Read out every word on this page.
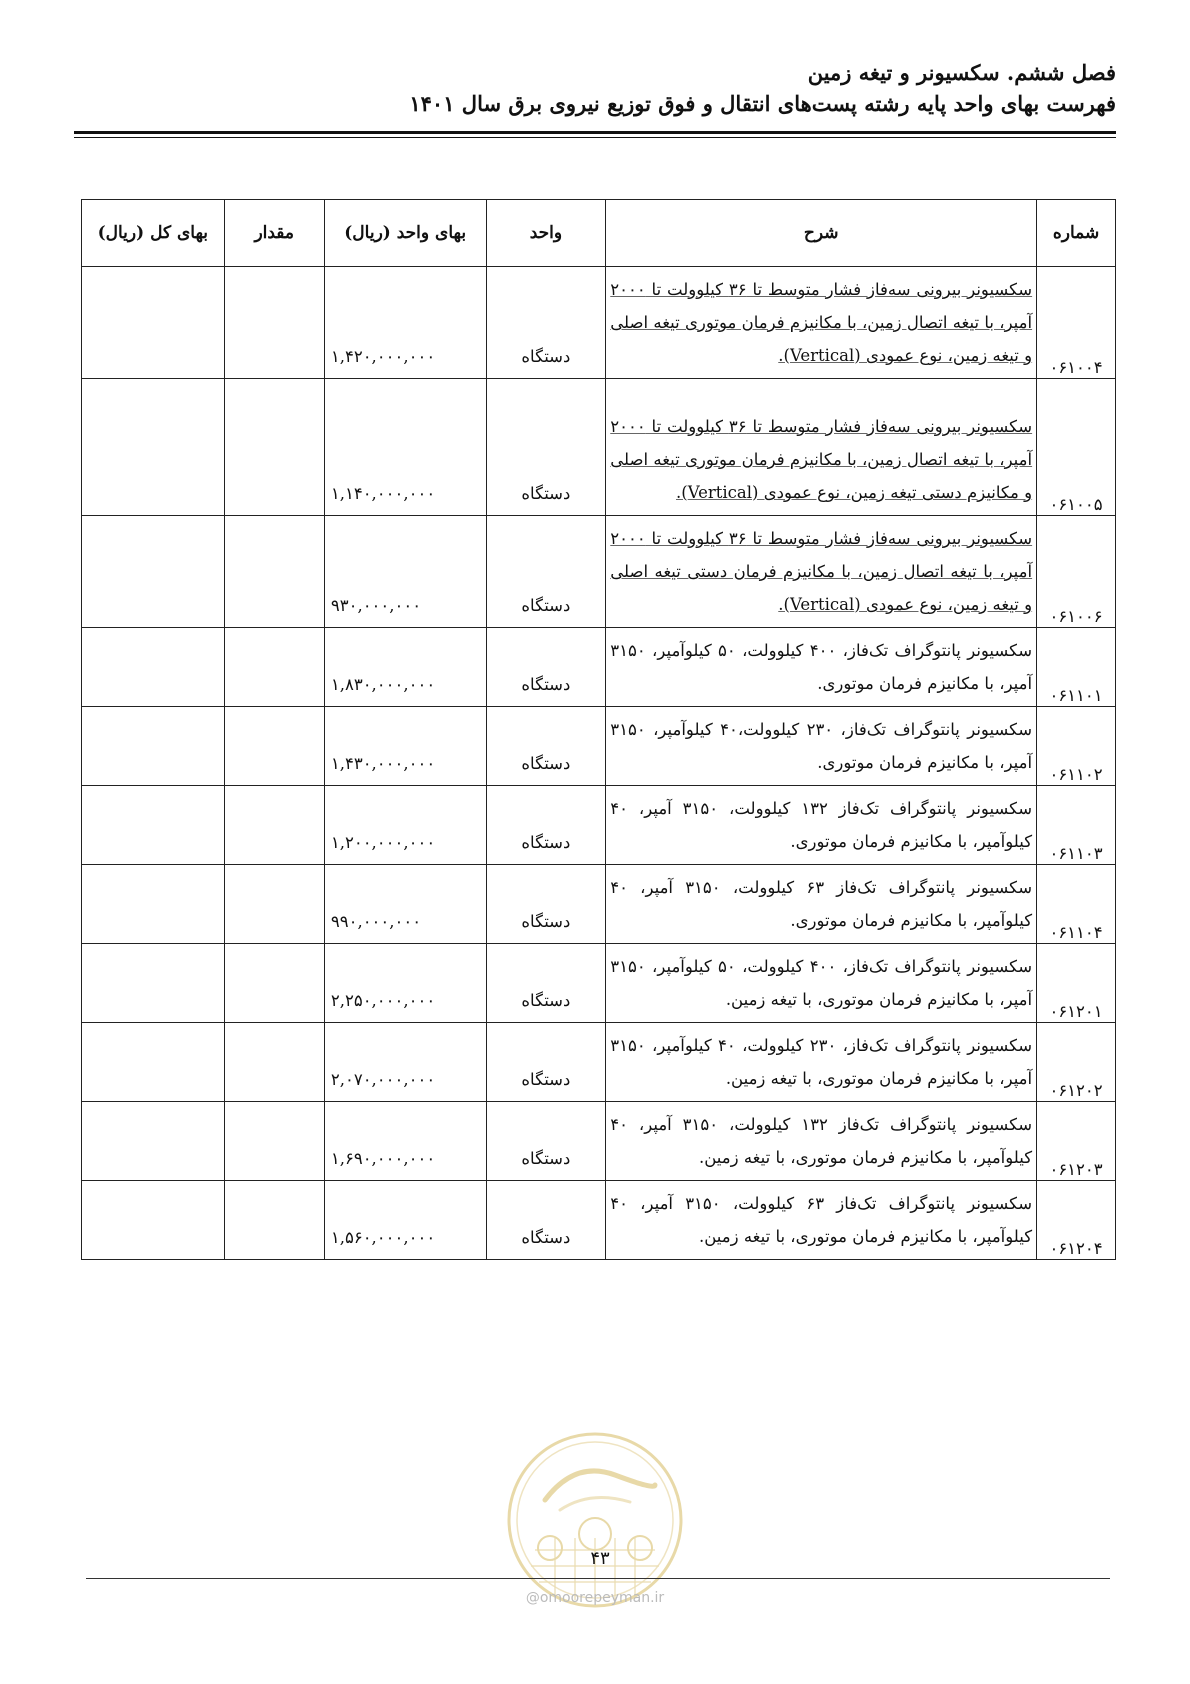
فصل ششم. سکسیونر و تیغه زمین
فهرست بهای واحد پایه رشته پست‌های انتقال و فوق توزیع نیروی برق سال ۱۴۰۱
شماره	شرح	واحد	بهای واحد (ریال)	مقدار	بهای کل (ریال)
۰۶۱۰۰۴	سکسیونر بیرونی سه‌فاز فشار متوسط تا ۳۶ کیلوولت تا ۲۰۰۰ آمپر، با تیغه اتصال زمین، با مکانیزم فرمان موتوری تیغه اصلی و تیغه زمین، نوع عمودی (Vertical).	دستگاه	۱,۴۲۰,۰۰۰,۰۰۰		
۰۶۱۰۰۵	سکسیونر بیرونی سه‌فاز فشار متوسط تا ۳۶ کیلوولت تا ۲۰۰۰ آمپر، با تیغه اتصال زمین، با مکانیزم فرمان موتوری تیغه اصلی و مکانیزم دستی تیغه زمین، نوع عمودی (Vertical).	دستگاه	۱,۱۴۰,۰۰۰,۰۰۰		
۰۶۱۰۰۶	سکسیونر بیرونی سه‌فاز فشار متوسط تا ۳۶ کیلوولت تا ۲۰۰۰ آمپر، با تیغه اتصال زمین، با مکانیزم فرمان دستی تیغه اصلی و تیغه زمین، نوع عمودی (Vertical).	دستگاه	۹۳۰,۰۰۰,۰۰۰		
۰۶۱۱۰۱	سکسیونر پانتوگراف تک‌فاز، ۴۰۰ کیلوولت، ۵۰ کیلوآمپر، ۳۱۵۰ آمپر، با مکانیزم فرمان موتوری.	دستگاه	۱,۸۳۰,۰۰۰,۰۰۰		
۰۶۱۱۰۲	سکسیونر پانتوگراف تک‌فاز، ۲۳۰ کیلوولت،۴۰ کیلوآمپر، ۳۱۵۰ آمپر، با مکانیزم فرمان موتوری.	دستگاه	۱,۴۳۰,۰۰۰,۰۰۰		
۰۶۱۱۰۳	سکسیونر پانتوگراف تک‌فاز ۱۳۲ کیلوولت، ۳۱۵۰ آمپر، ۴۰ کیلوآمپر، با مکانیزم فرمان موتوری.	دستگاه	۱,۲۰۰,۰۰۰,۰۰۰		
۰۶۱۱۰۴	سکسیونر پانتوگراف تک‌فاز ۶۳ کیلوولت، ۳۱۵۰ آمپر، ۴۰ کیلوآمپر، با مکانیزم فرمان موتوری.	دستگاه	۹۹۰,۰۰۰,۰۰۰		
۰۶۱۲۰۱	سکسیونر پانتوگراف تک‌فاز، ۴۰۰ کیلوولت، ۵۰ کیلوآمپر، ۳۱۵۰ آمپر، با مکانیزم فرمان موتوری، با تیغه زمین.	دستگاه	۲,۲۵۰,۰۰۰,۰۰۰		
۰۶۱۲۰۲	سکسیونر پانتوگراف تک‌فاز، ۲۳۰ کیلوولت، ۴۰ کیلوآمپر، ۳۱۵۰ آمپر، با مکانیزم فرمان موتوری، با تیغه زمین.	دستگاه	۲,۰۷۰,۰۰۰,۰۰۰		
۰۶۱۲۰۳	سکسیونر پانتوگراف تک‌فاز ۱۳۲ کیلوولت، ۳۱۵۰ آمپر، ۴۰ کیلوآمپر، با مکانیزم فرمان موتوری، با تیغه زمین.	دستگاه	۱,۶۹۰,۰۰۰,۰۰۰		
۰۶۱۲۰۴	سکسیونر پانتوگراف تک‌فاز ۶۳ کیلوولت، ۳۱۵۰ آمپر، ۴۰ کیلوآمپر، با مکانیزم فرمان موتوری، با تیغه زمین.	دستگاه	۱,۵۶۰,۰۰۰,۰۰۰		
۴۳
@omoorepeyman.ir
